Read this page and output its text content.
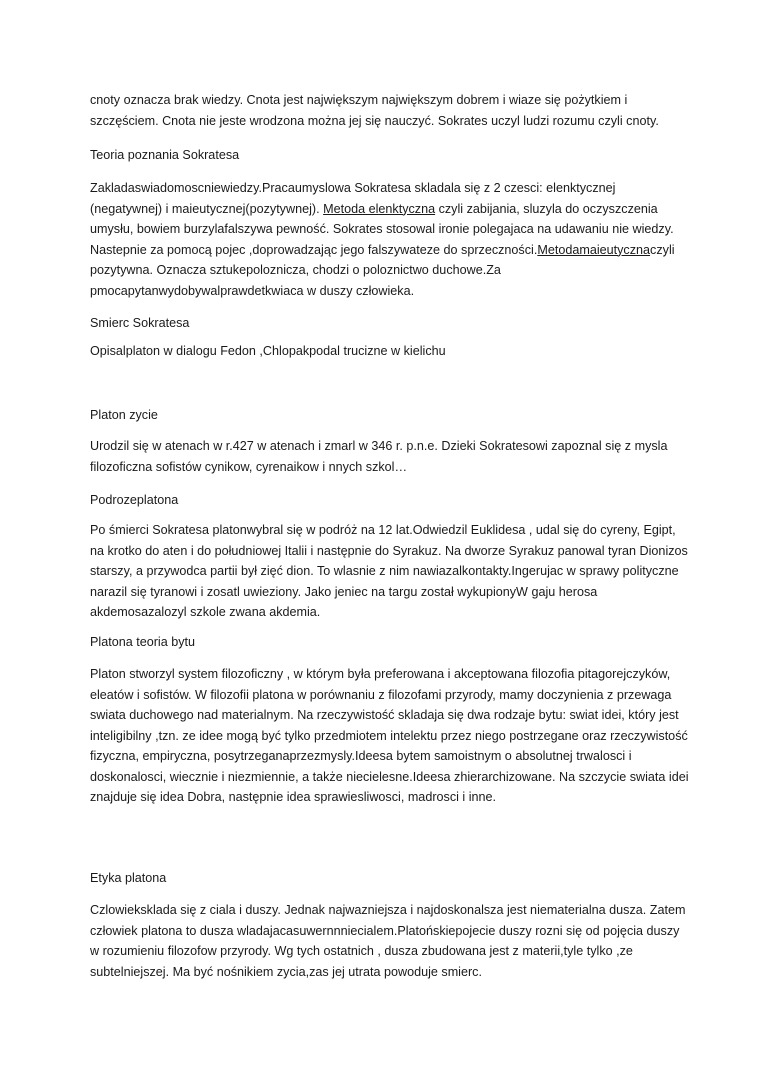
cnoty oznacza brak wiedzy. Cnota jest największym największym dobrem i wiaze się pożytkiem i szczęściem. Cnota nie jeste wrodzona można jej się nauczyć. Sokrates uczyl ludzi rozumu czyli cnoty.

Teoria poznania Sokratesa

Zakladaswiadomoscniewiedzy.Pracaumyslowa Sokratesa skladala się z 2 czesci: elenktycznej (negatywnej) i maieutycznej(pozytywnej). Metoda elenktyczna czyli zabijania, sluzyla do oczyszczenia umysłu, bowiem burzylafalszywa pewność. Sokrates stosowal ironie polegajaca na udawaniu nie wiedzy. Nastepnie za pomocą pojec ,doprowadzając jego falszywateze do sprzeczności.Metodamaieutycznaczyli pozytywna. Oznacza sztukepoloznicza, chodzi o poloznictwo duchowe.Za pmocapytanwydobywalprawdetkwiaca w duszy człowieka.

Smierc Sokratesa

Opisalplaton w dialogu Fedon ,Chlopakpodal trucizne w kielichu

Platon zycie

Urodzil się w atenach w r.427 w atenach i zmarl w 346 r. p.n.e. Dzieki Sokratesowi zapoznal się z mysla filozoficzna sofistów cynikow, cyrenaikow i nnych szkol…

Podrozeplatona

Po śmierci Sokratesa platonwybral się w podróż na 12 lat.Odwiedzil Euklidesa , udal się do cyreny, Egipt, na krotko do aten i do południowej Italii i następnie do Syrakuz. Na dworze Syrakuz panowal tyran Dionizos starszy, a przywodca partii był zięć dion. To wlasnie z nim nawiazalkontakty.Ingerujac w sprawy polityczne narazil się tyranowi i zosatl uwieziony. Jako jeniec na targu został wykupionyW gaju herosa akdemosazalozyl szkole zwana akdemia.

Platona teoria bytu

Platon stworzyl system filozoficzny , w którym była preferowana i akceptowana filozofia pitagorejczyków, eleatów i sofistów. W filozofii platona w porównaniu z filozofami przyrody, mamy doczynienia z przewaga swiata duchowego nad materialnym. Na rzeczywistość skladaja się dwa rodzaje bytu: swiat idei, który jest inteligibilny ,tzn. ze idee mogą być tylko przedmiotem intelektu przez niego postrzegane oraz rzeczywistość fizyczna, empiryczna, posytrzeganaprzezmysly.Ideesa bytem samoistnym o absolutnej trwalosci i doskonalosci, wiecznie i niezmiennie, a także niecielesne.Ideesa zhierarchizowane. Na szczycie swiata idei znajduje się idea Dobra, następnie idea sprawiesliwosci, madrosci i inne.

Etyka platona

Czlowiekskladа się z ciala i duszy. Jednak najwazniejsza i najdoskonalsza jest niematerialna dusza. Zatem człowiek platona to dusza wladajacasuwernnniecialem.Platońskiepojecie duszy rozni się od pojęcia duszy w rozumieniu filozofow przyrody. Wg tych ostatnich , dusza zbudowana jest z materii,tyle tylko ,ze subtelniejszej. Ma być nośnikiem zycia,zas jej utrata powoduje smierc.
